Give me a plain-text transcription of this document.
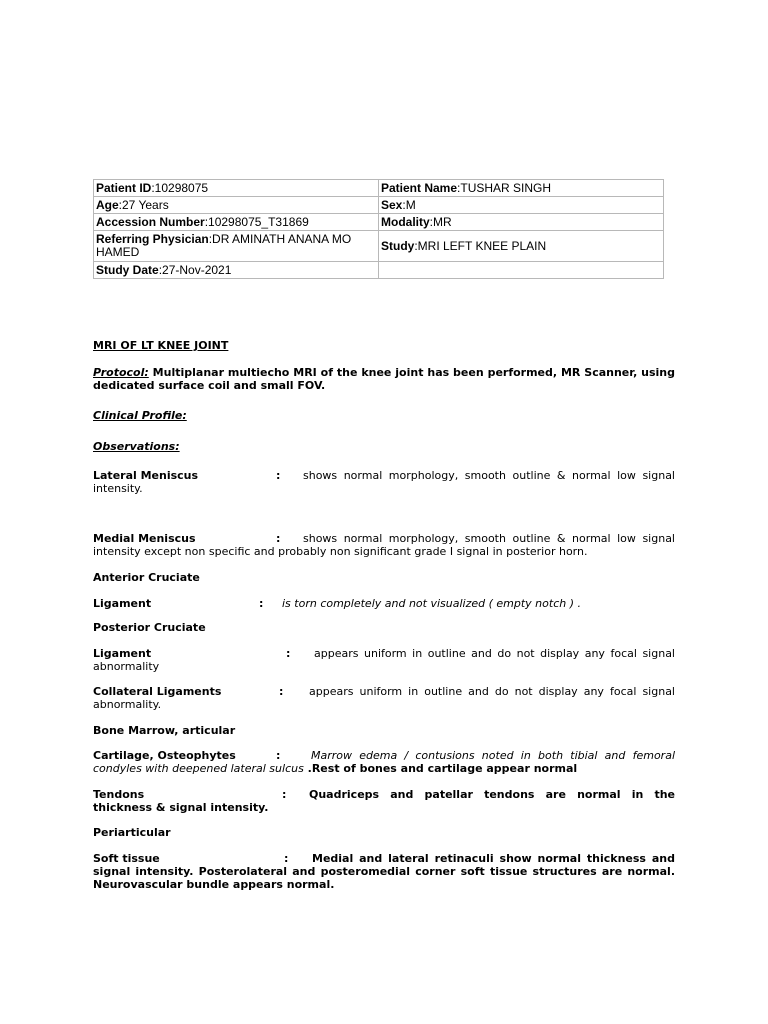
Patient ID:10298075	Patient Name:TUSHAR SINGH
Age:27 Years	Sex:M
Accession Number:10298075_T31869	Modality:MR
Referring Physician:DR AMINATH ANANA MO HAMED	Study:MRI LEFT KNEE PLAIN
Study Date:27-Nov-2021	
MRI OF LT KNEE JOINT
Protocol: Multiplanar multiecho MRI of the knee joint has been performed, MR Scanner, using dedicated surface coil and small FOV.
Clinical Profile:
Observations:
Lateral Meniscus	: shows normal morphology, smooth outline & normal low signal intensity.
Medial Meniscus	: shows normal morphology, smooth outline & normal low signal intensity except non specific and probably non significant grade I signal in posterior horn.
Anterior Cruciate
Ligament	: is torn completely and not visualized ( empty notch ) .
Posterior Cruciate
Ligament	: appears uniform in outline and do not display any focal signal abnormality
Collateral Ligaments	: appears uniform in outline and do not display any focal signal abnormality.
Bone Marrow, articular
Cartilage, Osteophytes	:	Marrow edema / contusions noted in both tibial and femoral condyles with deepened lateral sulcus .Rest of bones and cartilage appear normal
Tendons	: Quadriceps and patellar tendons are normal in the thickness & signal intensity.
Periarticular
Soft tissue	: Medial and lateral retinaculi show normal thickness and signal intensity. Posterolateral and posteromedial corner soft tissue structures are normal. Neurovascular bundle appears normal.
